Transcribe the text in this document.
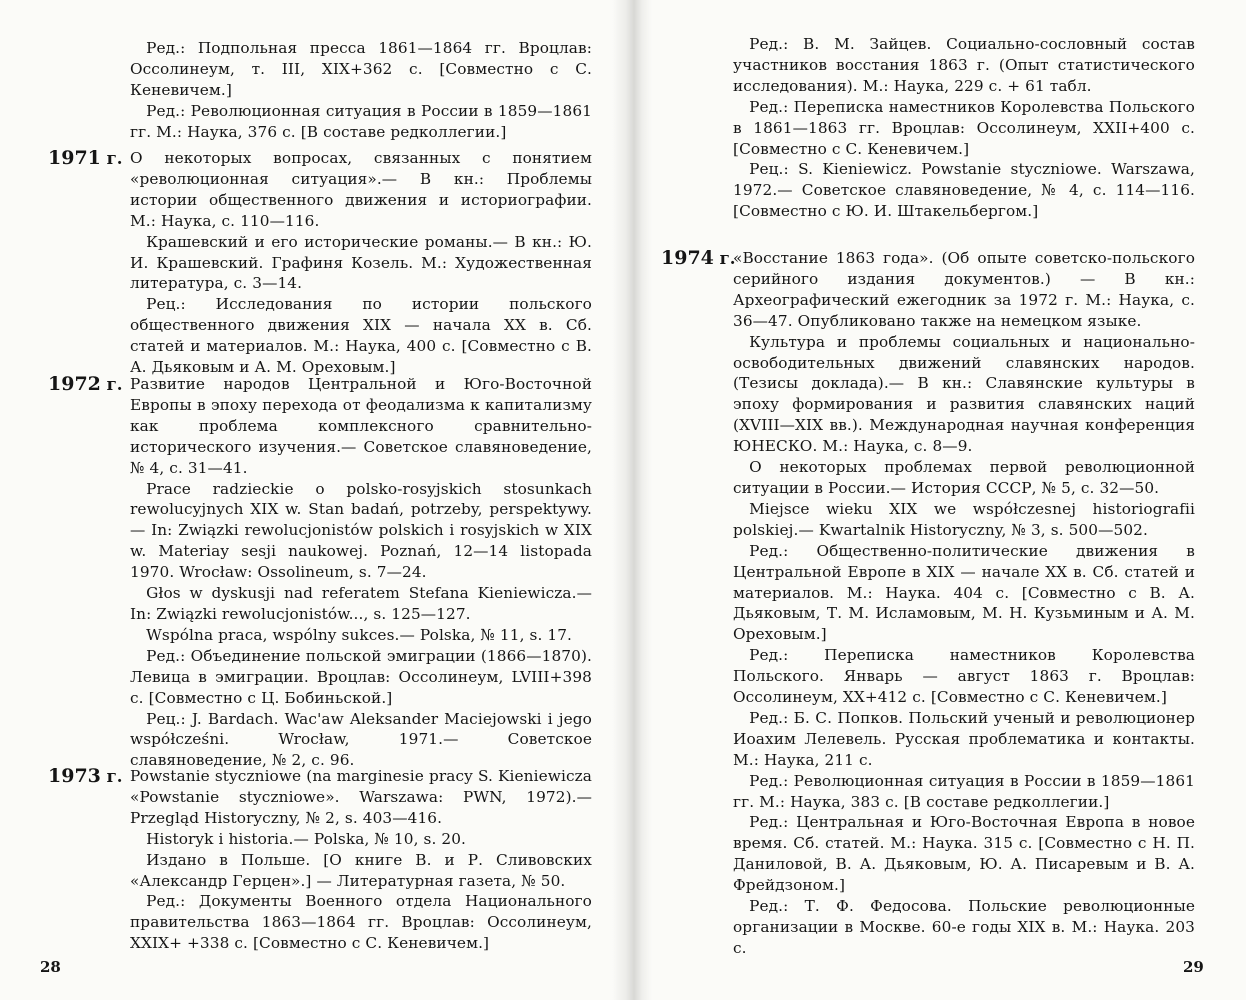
Ред.: Подпольная пресса 1861—1864 гг. Вроцлав: Оссолинеум, т. III, XIX+362 с. [Совместно с С. Кеневичем.]

Ред.: Революционная ситуация в России в 1859—1861 гг. М.: Наука, 376 с. [В составе редколлегии.]

1971 г. О некоторых вопросах, связанных с понятием «революционная ситуация».— В кн.: Проблемы истории общественного движения и историографии. М.: Наука, с. 110—116.

Крашевский и его исторические романы.— В кн.: Ю. И. Крашевский. Графиня Козель. М.: Художественная литература, с. 3—14.

Рец.: Исследования по истории польского общественного движения XIX — начала XX в. Сб. статей и материалов. М.: Наука, 400 с. [Совместно с В. А. Дьяковым и А. М. Ореховым.]

1972 г. Развитие народов Центральной и Юго-Восточной Европы в эпоху перехода от феодализма к капитализму как проблема комплексного сравнительно-исторического изучения.— Советское славяноведение, № 4, с. 31—41.

Prace radzieckie o polsko-rosyjskich stosunkach rewolucyjnych XIX w. Stan badań, potrzeby, perspektywy.— In: Związki rewolucjonistów polskich i rosyjskich w XIX w. Materiay sesji naukowej. Poznań, 12—14 listopada 1970. Wrocław: Ossolineum, s. 7—24.

Głos w dyskusji nad referatem Stefana Kieniewicza.— In: Związki rewolucjonistów..., s. 125—127.

Wspólna praca, wspólny sukces.— Polska, № 11, s. 17.

Ред.: Объединение польской эмиграции (1866—1870). Левица в эмиграции. Вроцлав: Оссолинеум, LVIII+398 с. [Совместно с Ц. Бобиньской.]

Рец.: J. Bardach. Wac'aw Aleksander Maciejowski i jego współcześni. Wrocław, 1971.— Советское славяноведение, № 2, с. 96.

1973 г. Powstanie styczniowe (na marginesie pracy S. Kieniewicza «Powstanie styczniowe». Warszawa: PWN, 1972).— Przegląd Historyczny, № 2, s. 403—416.

Historyk i historia.— Polska, № 10, s. 20.

Издано в Польше. [О книге В. и Р. Сливовских «Александр Герцен».] — Литературная газета, № 50.

Ред.: Документы Военного отдела Национального правительства 1863—1864 гг. Вроцлав: Оссолинеум, XXIX+ +338 с. [Совместно с С. Кеневичем.]

28

Ред.: В. М. Зайцев. Социально-сословный состав участников восстания 1863 г. (Опыт статистического исследования). М.: Наука, 229 с. + 61 табл.

Ред.: Переписка наместников Королевства Польского в 1861—1863 гг. Вроцлав: Оссолинеум, XXII+400 с. [Совместно с С. Кеневичем.]

Рец.: S. Kieniewicz. Powstanie styczniowe. Warszawa, 1972.— Советское славяноведение, № 4, с. 114—116. [Совместно с Ю. И. Штакельбергом.]

1974 г.

«Восстание 1863 года». (Об опыте советско-польского серийного издания документов.) — В кн.: Археографический ежегодник за 1972 г. М.: Наука, с. 36—47. Опубликовано также на немецком языке.

Культура и проблемы социальных и национально-освободительных движений славянских народов. (Тезисы доклада).— В кн.: Славянские культуры в эпоху формирования и развития славянских наций (XVIII—XIX вв.). Международная научная конференция ЮНЕСКО. М.: Наука, с. 8—9.

О некоторых проблемах первой революционной ситуации в России.— История СССР, № 5, с. 32—50.

Miejsce wieku XIX we współczesnej historiografii polskiej.— Kwartalnik Historyczny, № 3, s. 500—502.

Ред.: Общественно-политические движения в Центральной Европе в XIX — начале XX в. Сб. статей и материалов. М.: Наука. 404 с. [Совместно с В. А. Дьяковым, Т. М. Исламовым, М. Н. Кузьминым и А. М. Ореховым.]

Ред.: Переписка наместников Королевства Польского. Январь — август 1863 г. Вроцлав: Оссолинеум, XX+412 с. [Совместно с С. Кеневичем.]

Ред.: Б. С. Попков. Польский ученый и революционер Иоахим Лелевель. Русская проблематика и контакты. М.: Наука, 211 с.

Ред.: Революционная ситуация в России в 1859—1861 гг. М.: Наука, 383 с. [В составе редколлегии.]

Ред.: Центральная и Юго-Восточная Европа в новое время. Сб. статей. М.: Наука. 315 с. [Совместно с Н. П. Даниловой, В. А. Дьяковым, Ю. А. Писаревым и В. А. Фрейдзоном.]

Ред.: Т. Ф. Федосова. Польские революционные организации в Москве. 60-е годы XIX в. М.: Наука. 203 с.

29
